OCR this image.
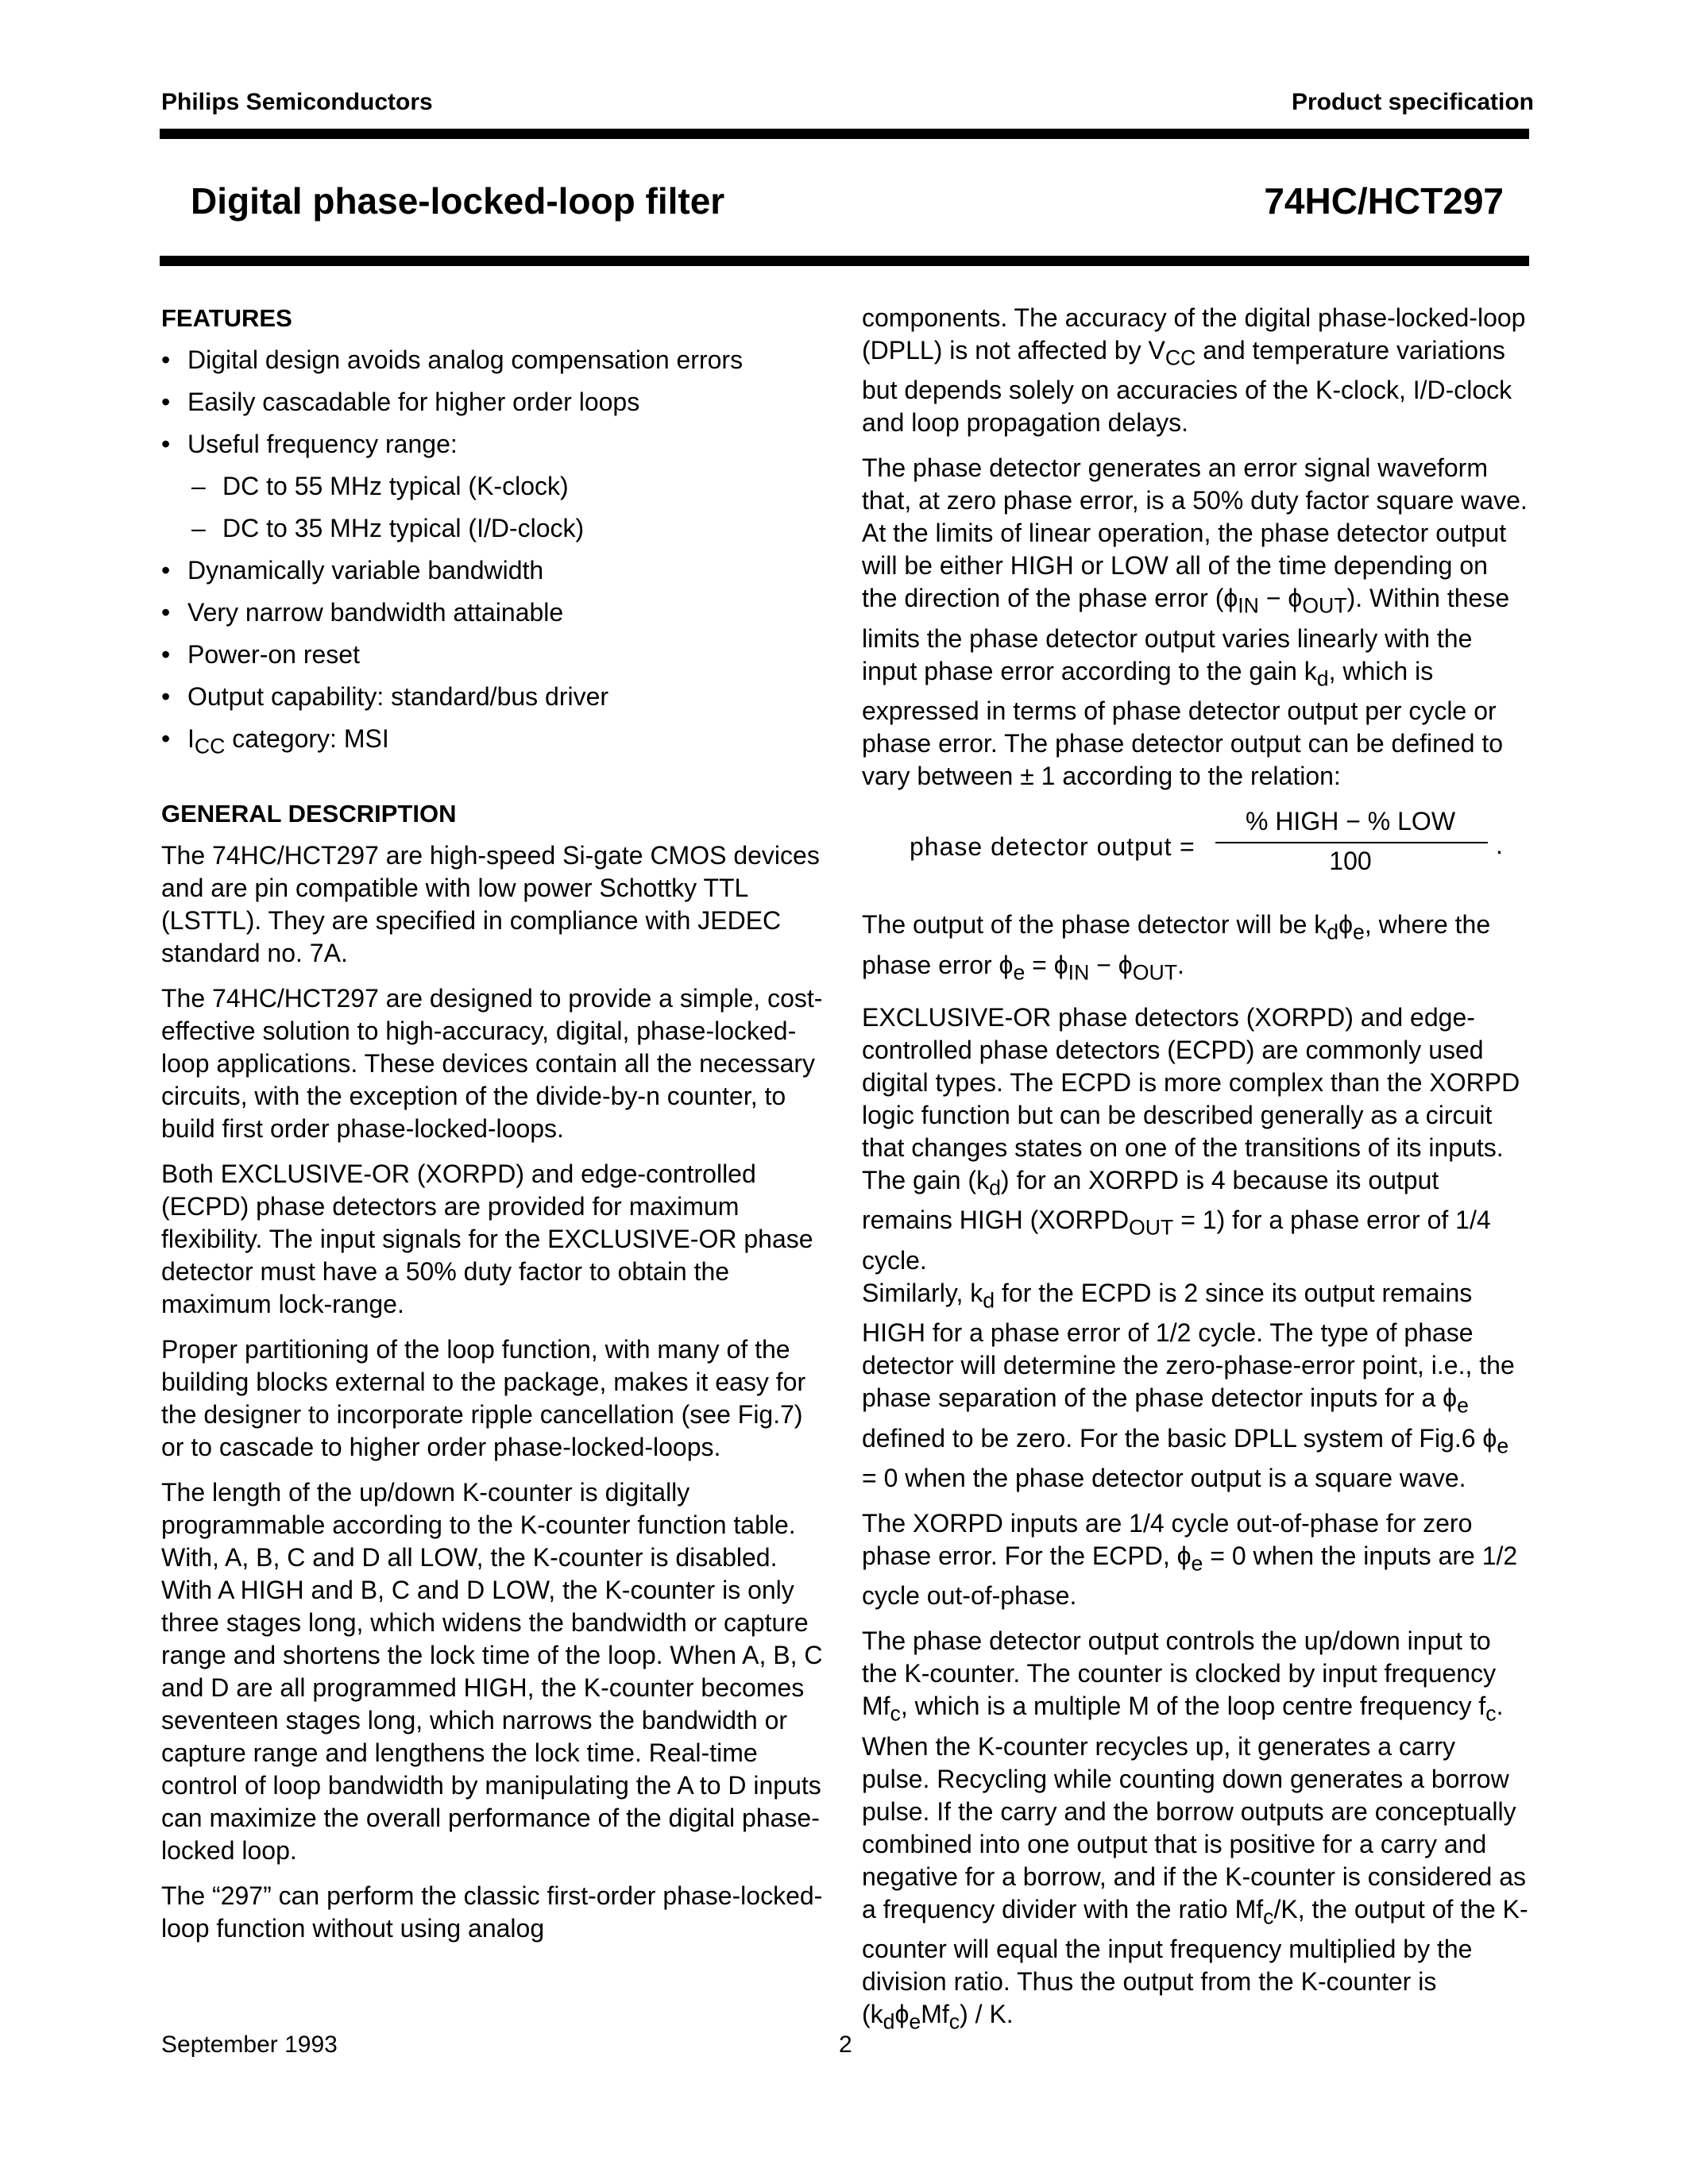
Philips Semiconductors	Product specification
Digital phase-locked-loop filter	74HC/HCT297
FEATURES
• Digital design avoids analog compensation errors
• Easily cascadable for higher order loops
• Useful frequency range:
– DC to 55 MHz typical (K-clock)
– DC to 35 MHz typical (I/D-clock)
• Dynamically variable bandwidth
• Very narrow bandwidth attainable
• Power-on reset
• Output capability: standard/bus driver
• $I_{CC}$ category: MSI
GENERAL DESCRIPTION

The 74HC/HCT297 are high-speed Si-gate CMOS devices and are pin compatible with low power Schottky TTL (LSTTL). They are specified in compliance with JEDEC standard no. 7A.

The 74HC/HCT297 are designed to provide a simple, cost-effective solution to high-accuracy, digital, phase-locked-loop applications. These devices contain all the necessary circuits, with the exception of the divide-by-n counter, to build first order phase-locked-loops.

Both EXCLUSIVE-OR (XORPD) and edge-controlled (ECPD) phase detectors are provided for maximum flexibility. The input signals for the EXCLUSIVE-OR phase detector must have a 50% duty factor to obtain the maximum lock-range.

Proper partitioning of the loop function, with many of the building blocks external to the package, makes it easy for the designer to incorporate ripple cancellation (see Fig.7) or to cascade to higher order phase-locked-loops.

The length of the up/down K-counter is digitally programmable according to the K-counter function table. With, A, B, C and D all LOW, the K-counter is disabled. With A HIGH and B, C and D LOW, the K-counter is only three stages long, which widens the bandwidth or capture range and shortens the lock time of the loop. When A, B, C and D are all programmed HIGH, the K-counter becomes seventeen stages long, which narrows the bandwidth or capture range and lengthens the lock time. Real-time control of loop bandwidth by manipulating the A to D inputs can maximize the overall performance of the digital phase-locked loop.

The “297” can perform the classic first-order phase-locked-loop function without using analog

components. The accuracy of the digital phase-locked-loop (DPLL) is not affected by $V_{CC}$ and temperature variations but depends solely on accuracies of the K-clock, I/D-clock and loop propagation delays.

The phase detector generates an error signal waveform that, at zero phase error, is a 50% duty factor square wave. At the limits of linear operation, the phase detector output will be either HIGH or LOW all of the time depending on the direction of the phase error $(\phi_{IN} - \phi_{OUT})$. Within these limits the phase detector output varies linearly with the input phase error according to the gain $k_d$, which is expressed in terms of phase detector output per cycle or phase error. The phase detector output can be defined to vary between ± 1 according to the relation:

phase detector output =
% HIGH − % LOW
100
.

The output of the phase detector will be $k_d\phi_e$, where the phase error $\phi_e = \phi_{IN} - \phi_{OUT}$.

EXCLUSIVE-OR phase detectors (XORPD) and edge-controlled phase detectors (ECPD) are commonly used digital types. The ECPD is more complex than the XORPD logic function but can be described generally as a circuit that changes states on one of the transitions of its inputs. The gain $(k_d)$ for an XORPD is 4 because its output remains HIGH $(XORPD_{OUT} = 1)$ for a phase error of 1/4 cycle.

Similarly, $k_d$ for the ECPD is 2 since its output remains HIGH for a phase error of 1/2 cycle. The type of phase detector will determine the zero-phase-error point, i.e., the phase separation of the phase detector inputs for a $\phi_e$ defined to be zero. For the basic DPLL system of Fig.6 $\phi_e = 0$ when the phase detector output is a square wave.

The XORPD inputs are 1/4 cycle out-of-phase for zero phase error. For the ECPD, $\phi_e = 0$ when the inputs are 1/2 cycle out-of-phase.

The phase detector output controls the up/down input to the K-counter. The counter is clocked by input frequency $Mf_c$, which is a multiple M of the loop centre frequency $f_c$. When the K-counter recycles up, it generates a carry pulse. Recycling while counting down generates a borrow pulse. If the carry and the borrow outputs are conceptually combined into one output that is positive for a carry and negative for a borrow, and if the K-counter is considered as a frequency divider with the ratio $Mf_c/K$, the output of the K-counter will equal the input frequency multiplied by the division ratio. Thus the output from the K-counter is $(k_d\phi_eMf_c)$ / K.

September 1993	2
